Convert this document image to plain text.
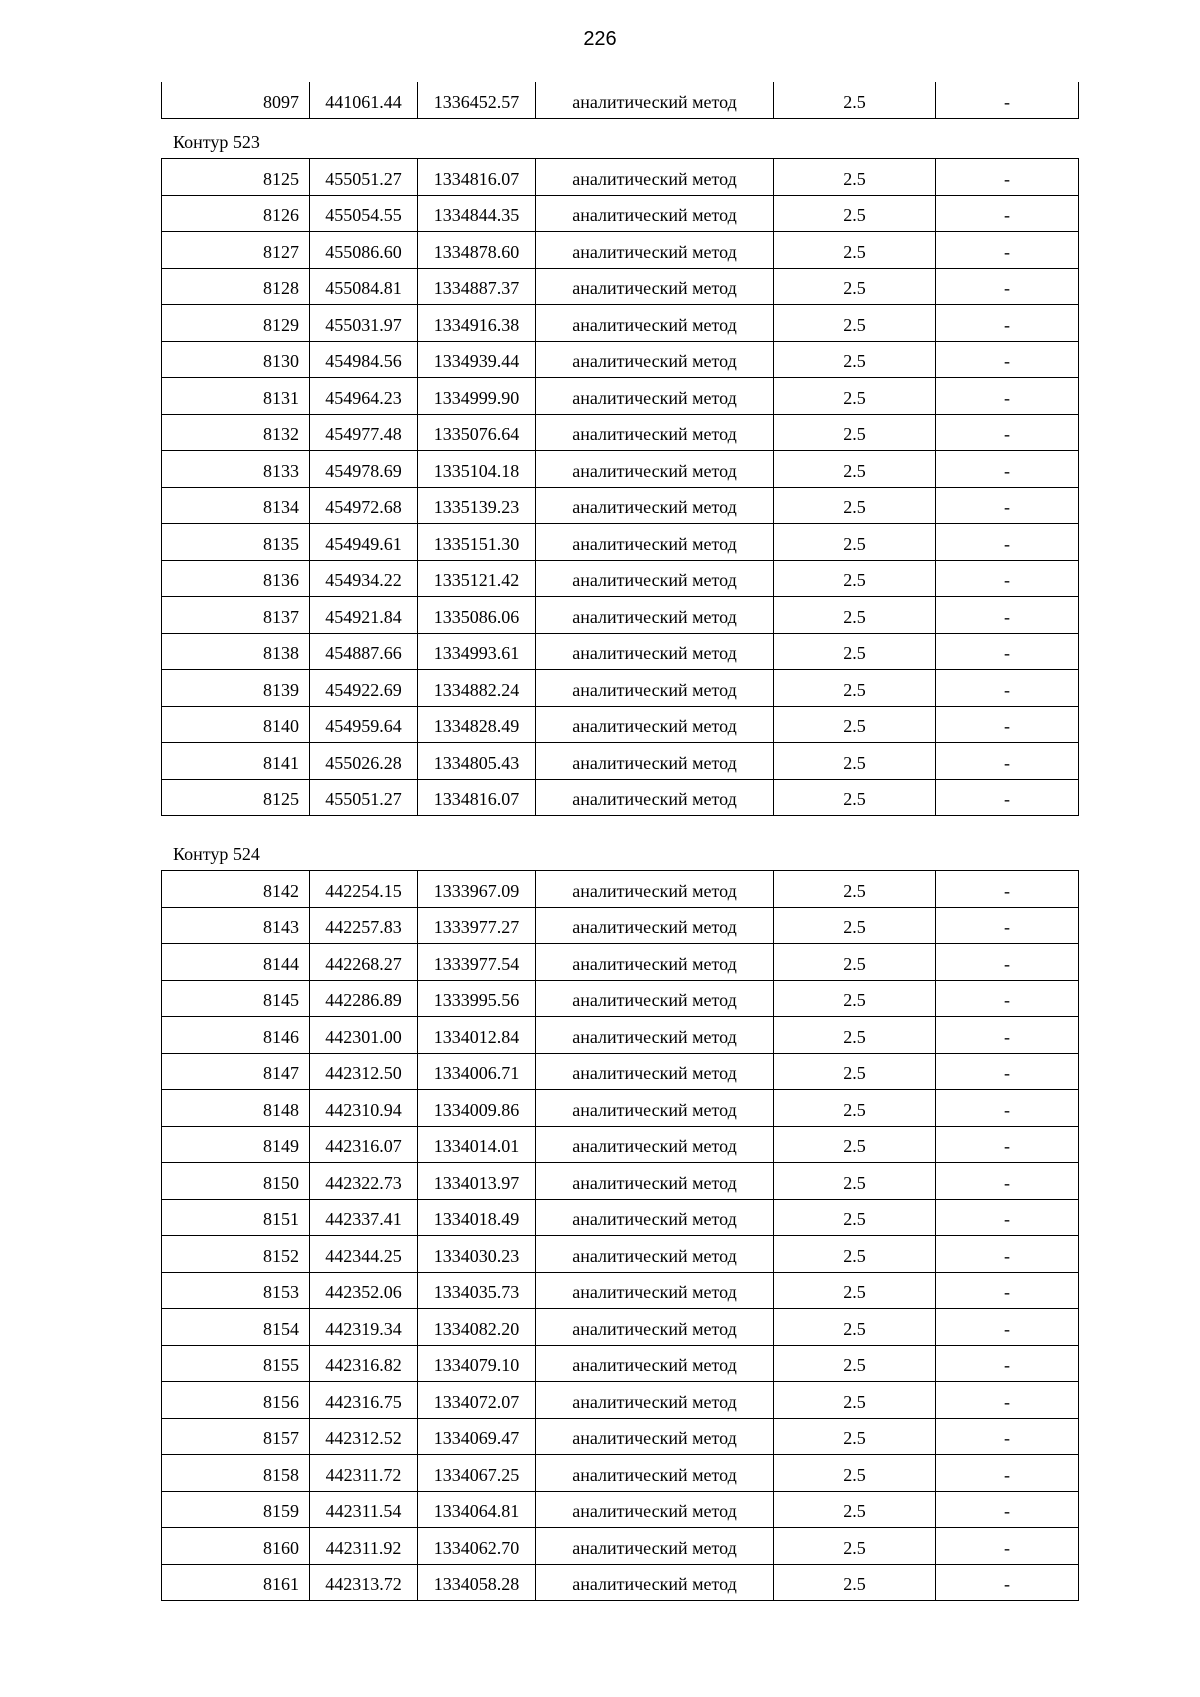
226
8097	441061.44	1336452.57	аналитический метод	2.5	-
Контур 523
8125	455051.27	1334816.07	аналитический метод	2.5	-
8126	455054.55	1334844.35	аналитический метод	2.5	-
8127	455086.60	1334878.60	аналитический метод	2.5	-
8128	455084.81	1334887.37	аналитический метод	2.5	-
8129	455031.97	1334916.38	аналитический метод	2.5	-
8130	454984.56	1334939.44	аналитический метод	2.5	-
8131	454964.23	1334999.90	аналитический метод	2.5	-
8132	454977.48	1335076.64	аналитический метод	2.5	-
8133	454978.69	1335104.18	аналитический метод	2.5	-
8134	454972.68	1335139.23	аналитический метод	2.5	-
8135	454949.61	1335151.30	аналитический метод	2.5	-
8136	454934.22	1335121.42	аналитический метод	2.5	-
8137	454921.84	1335086.06	аналитический метод	2.5	-
8138	454887.66	1334993.61	аналитический метод	2.5	-
8139	454922.69	1334882.24	аналитический метод	2.5	-
8140	454959.64	1334828.49	аналитический метод	2.5	-
8141	455026.28	1334805.43	аналитический метод	2.5	-
8125	455051.27	1334816.07	аналитический метод	2.5	-
Контур 524
8142	442254.15	1333967.09	аналитический метод	2.5	-
8143	442257.83	1333977.27	аналитический метод	2.5	-
8144	442268.27	1333977.54	аналитический метод	2.5	-
8145	442286.89	1333995.56	аналитический метод	2.5	-
8146	442301.00	1334012.84	аналитический метод	2.5	-
8147	442312.50	1334006.71	аналитический метод	2.5	-
8148	442310.94	1334009.86	аналитический метод	2.5	-
8149	442316.07	1334014.01	аналитический метод	2.5	-
8150	442322.73	1334013.97	аналитический метод	2.5	-
8151	442337.41	1334018.49	аналитический метод	2.5	-
8152	442344.25	1334030.23	аналитический метод	2.5	-
8153	442352.06	1334035.73	аналитический метод	2.5	-
8154	442319.34	1334082.20	аналитический метод	2.5	-
8155	442316.82	1334079.10	аналитический метод	2.5	-
8156	442316.75	1334072.07	аналитический метод	2.5	-
8157	442312.52	1334069.47	аналитический метод	2.5	-
8158	442311.72	1334067.25	аналитический метод	2.5	-
8159	442311.54	1334064.81	аналитический метод	2.5	-
8160	442311.92	1334062.70	аналитический метод	2.5	-
8161	442313.72	1334058.28	аналитический метод	2.5	-
